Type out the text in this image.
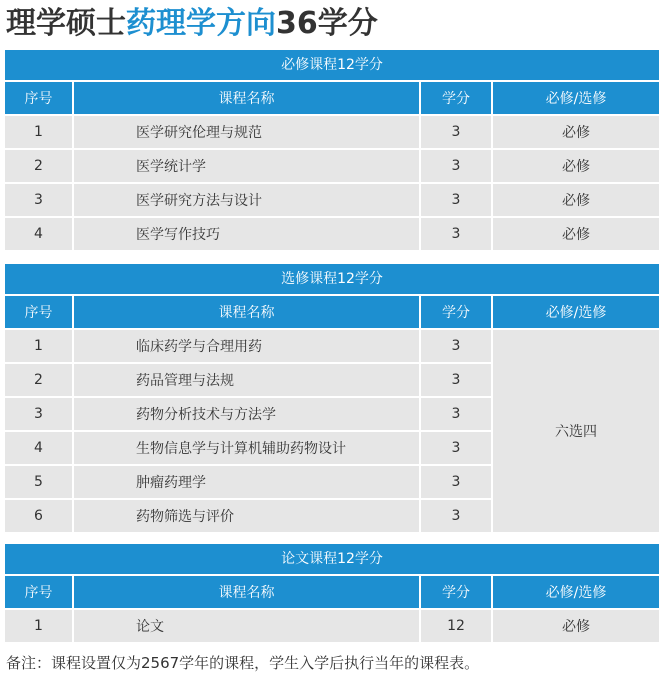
理学硕士药理学方向36学分
必修课程12学分
序号	课程名称	学分	必修/选修
1	医学研究伦理与规范	3	必修
2	医学统计学	3	必修
3	医学研究方法与设计	3	必修
4	医学写作技巧	3	必修
选修课程12学分
序号	课程名称	学分	必修/选修
1	临床药学与合理用药	3
2	药品管理与法规	3
3	药物分析技术与方法学	3
4	生物信息学与计算机辅助药物设计	3
5	肿瘤药理学	3
6	药物筛选与评价	3
六选四
论文课程12学分
序号	课程名称	学分	必修/选修
1	论文	12	必修
备注：课程设置仅为2567学年的课程，学生入学后执行当年的课程表。
